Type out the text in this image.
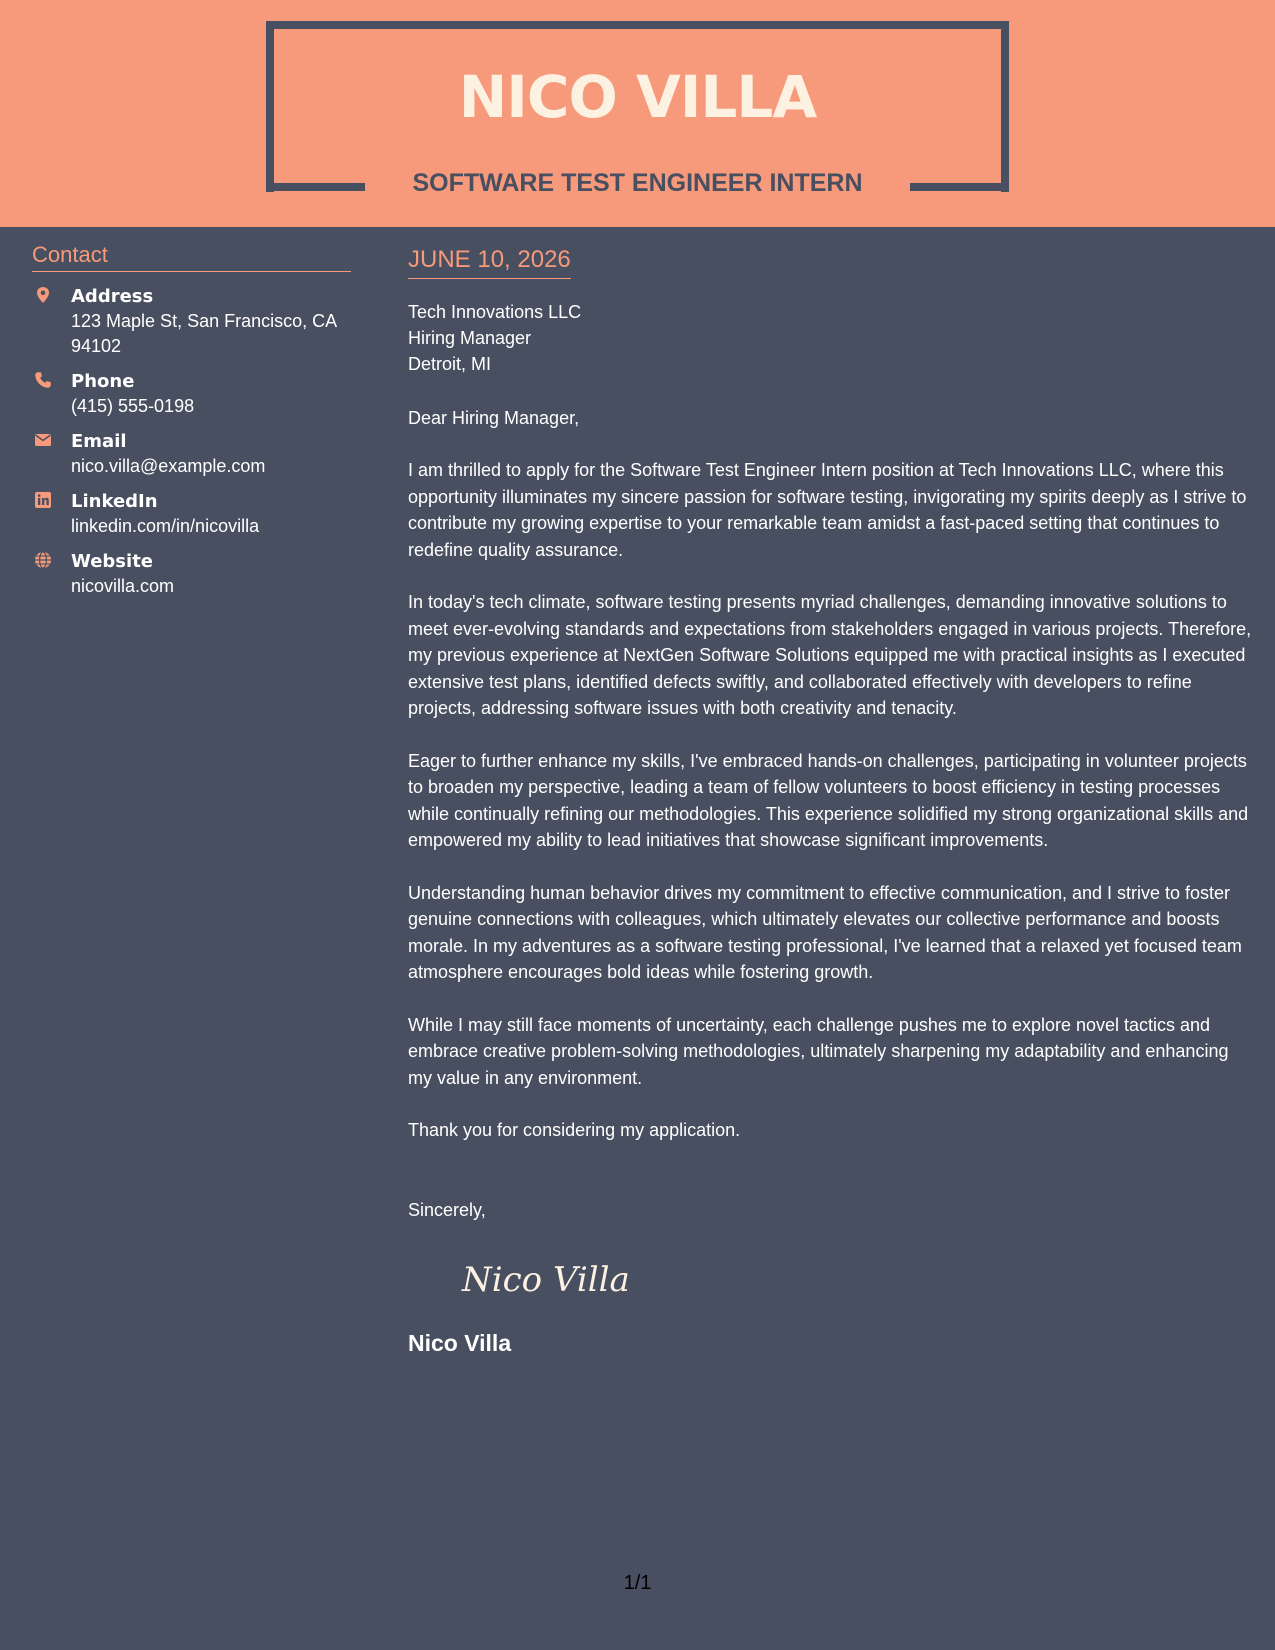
NICO VILLA
SOFTWARE TEST ENGINEER INTERN
Contact
Address
123 Maple St, San Francisco, CA 94102
Phone
(415) 555-0198
Email
nico.villa@example.com
LinkedIn
linkedin.com/in/nicovilla
Website
nicovilla.com
JUNE 10, 2026
Tech Innovations LLC
Hiring Manager
Detroit, MI
Dear Hiring Manager,
I am thrilled to apply for the Software Test Engineer Intern position at Tech Innovations LLC, where this opportunity illuminates my sincere passion for software testing, invigorating my spirits deeply as I strive to contribute my growing expertise to your remarkable team amidst a fast-paced setting that continues to redefine quality assurance.
In today's tech climate, software testing presents myriad challenges, demanding innovative solutions to meet ever-evolving standards and expectations from stakeholders engaged in various projects. Therefore, my previous experience at NextGen Software Solutions equipped me with practical insights as I executed extensive test plans, identified defects swiftly, and collaborated effectively with developers to refine projects, addressing software issues with both creativity and tenacity.
Eager to further enhance my skills, I've embraced hands-on challenges, participating in volunteer projects to broaden my perspective, leading a team of fellow volunteers to boost efficiency in testing processes while continually refining our methodologies. This experience solidified my strong organizational skills and empowered my ability to lead initiatives that showcase significant improvements.
Understanding human behavior drives my commitment to effective communication, and I strive to foster genuine connections with colleagues, which ultimately elevates our collective performance and boosts morale. In my adventures as a software testing professional, I've learned that a relaxed yet focused team atmosphere encourages bold ideas while fostering growth.
While I may still face moments of uncertainty, each challenge pushes me to explore novel tactics and embrace creative problem-solving methodologies, ultimately sharpening my adaptability and enhancing my value in any environment.
Thank you for considering my application.
Sincerely,
Nico Villa
Nico Villa
1/1
